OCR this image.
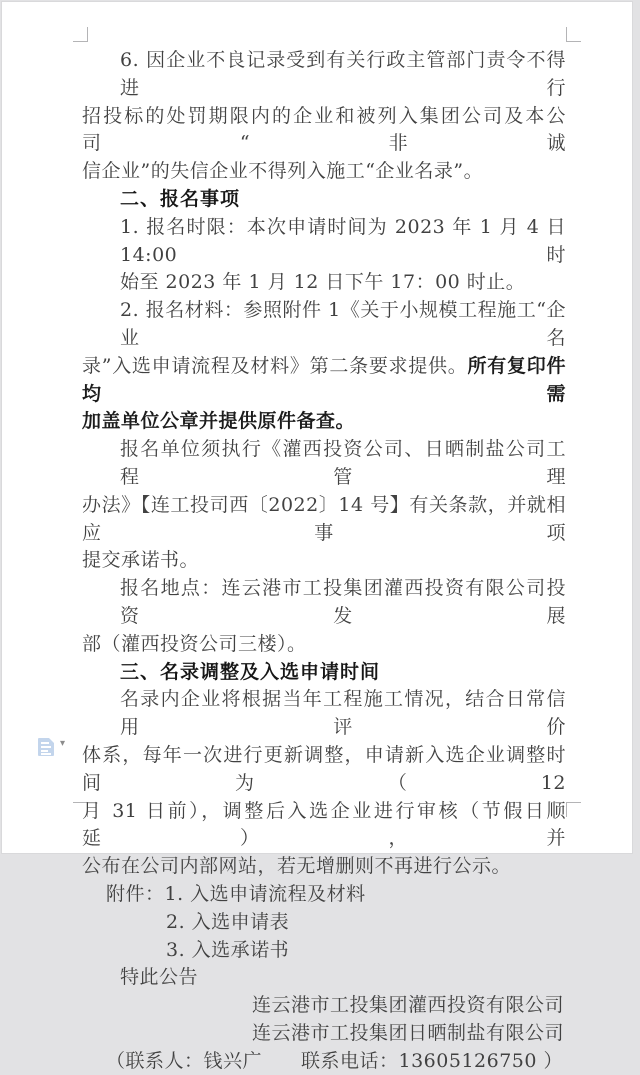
6. 因企业不良记录受到有关行政主管部门责令不得进行
招投标的处罚期限内的企业和被列入集团公司及本公司“非诚
信企业”的失信企业不得列入施工“企业名录”。
二、报名事项
1. 报名时限：本次申请时间为 2023 年 1 月 4 日 14:00 时
始至 2023 年 1 月 12 日下午 17：00 时止。
2. 报名材料：参照附件 1《关于小规模工程施工“企业名
录”入选申请流程及材料》第二条要求提供。所有复印件均需
加盖单位公章并提供原件备查。
报名单位须执行《灌西投资公司、日晒制盐公司工程管理
办法》【连工投司西〔2022〕14 号】有关条款，并就相应事项
提交承诺书。
报名地点：连云港市工投集团灌西投资有限公司投资发展
部（灌西投资公司三楼）。
三、名录调整及入选申请时间
名录内企业将根据当年工程施工情况，结合日常信用评价
体系，每年一次进行更新调整，申请新入选企业调整时间为（12
月 31 日前），调整后入选企业进行审核（节假日顺延），并
公布在公司内部网站，若无增删则不再进行公示。
附件：1. 入选申请流程及材料
2. 入选申请表
3. 入选承诺书
特此公告
连云港市工投集团灌西投资有限公司
连云港市工投集团日晒制盐有限公司
（联系人：钱兴广　　联系电话：13605126750 ）
▾
